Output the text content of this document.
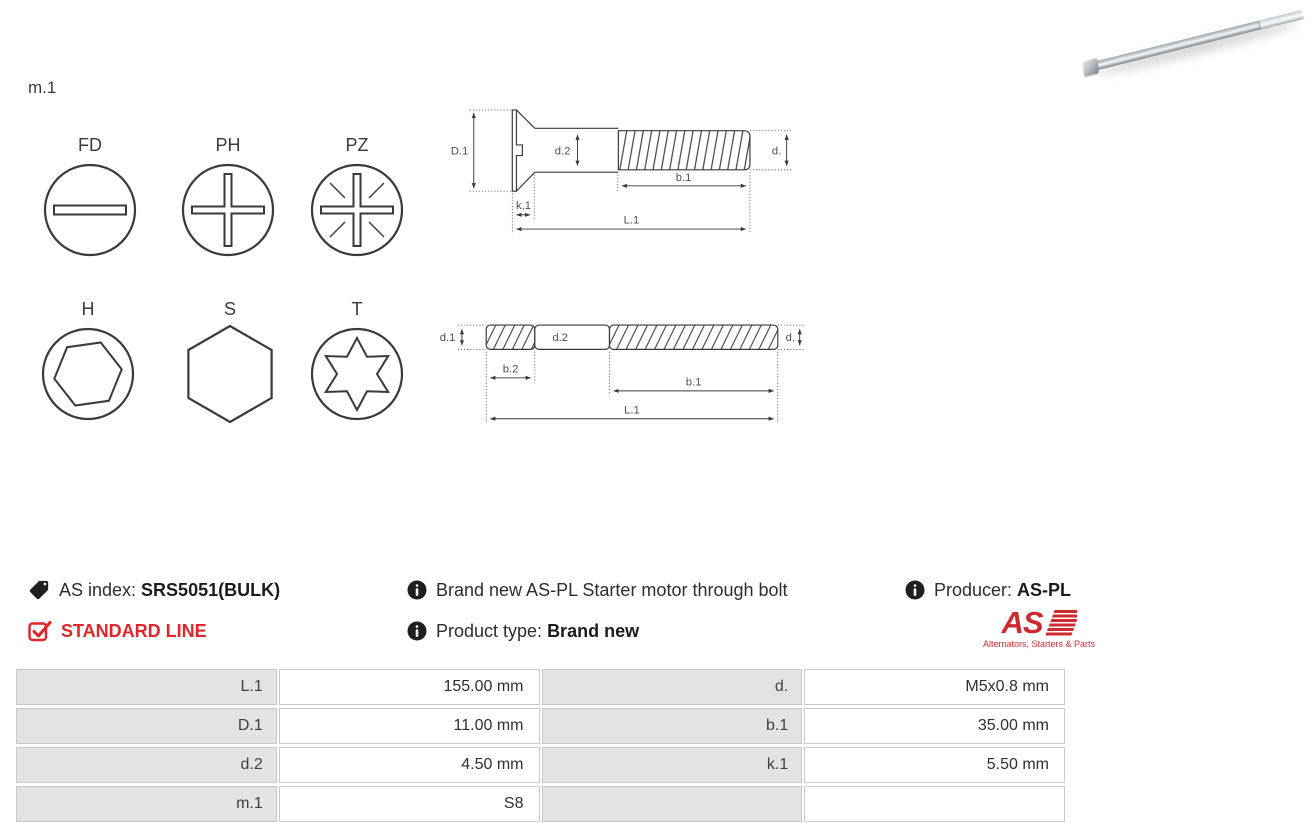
m.1
FD	PH	PZ
H	S	T
D.1	d.2	d.
b.1
k.1
L.1
d.1	d.2	d.
b.2
b.1
L.1
AS index: SRS5051(BULK)
STANDARD LINE
Brand new AS-PL Starter motor through bolt
Product type: Brand new
Producer: AS-PL
AS
Alternators, Starters & Parts
L.1	155.00 mm	d.	M5x0.8 mm
D.1	11.00 mm	b.1	35.00 mm
d.2	4.50 mm	k.1	5.50 mm
m.1	S8		
